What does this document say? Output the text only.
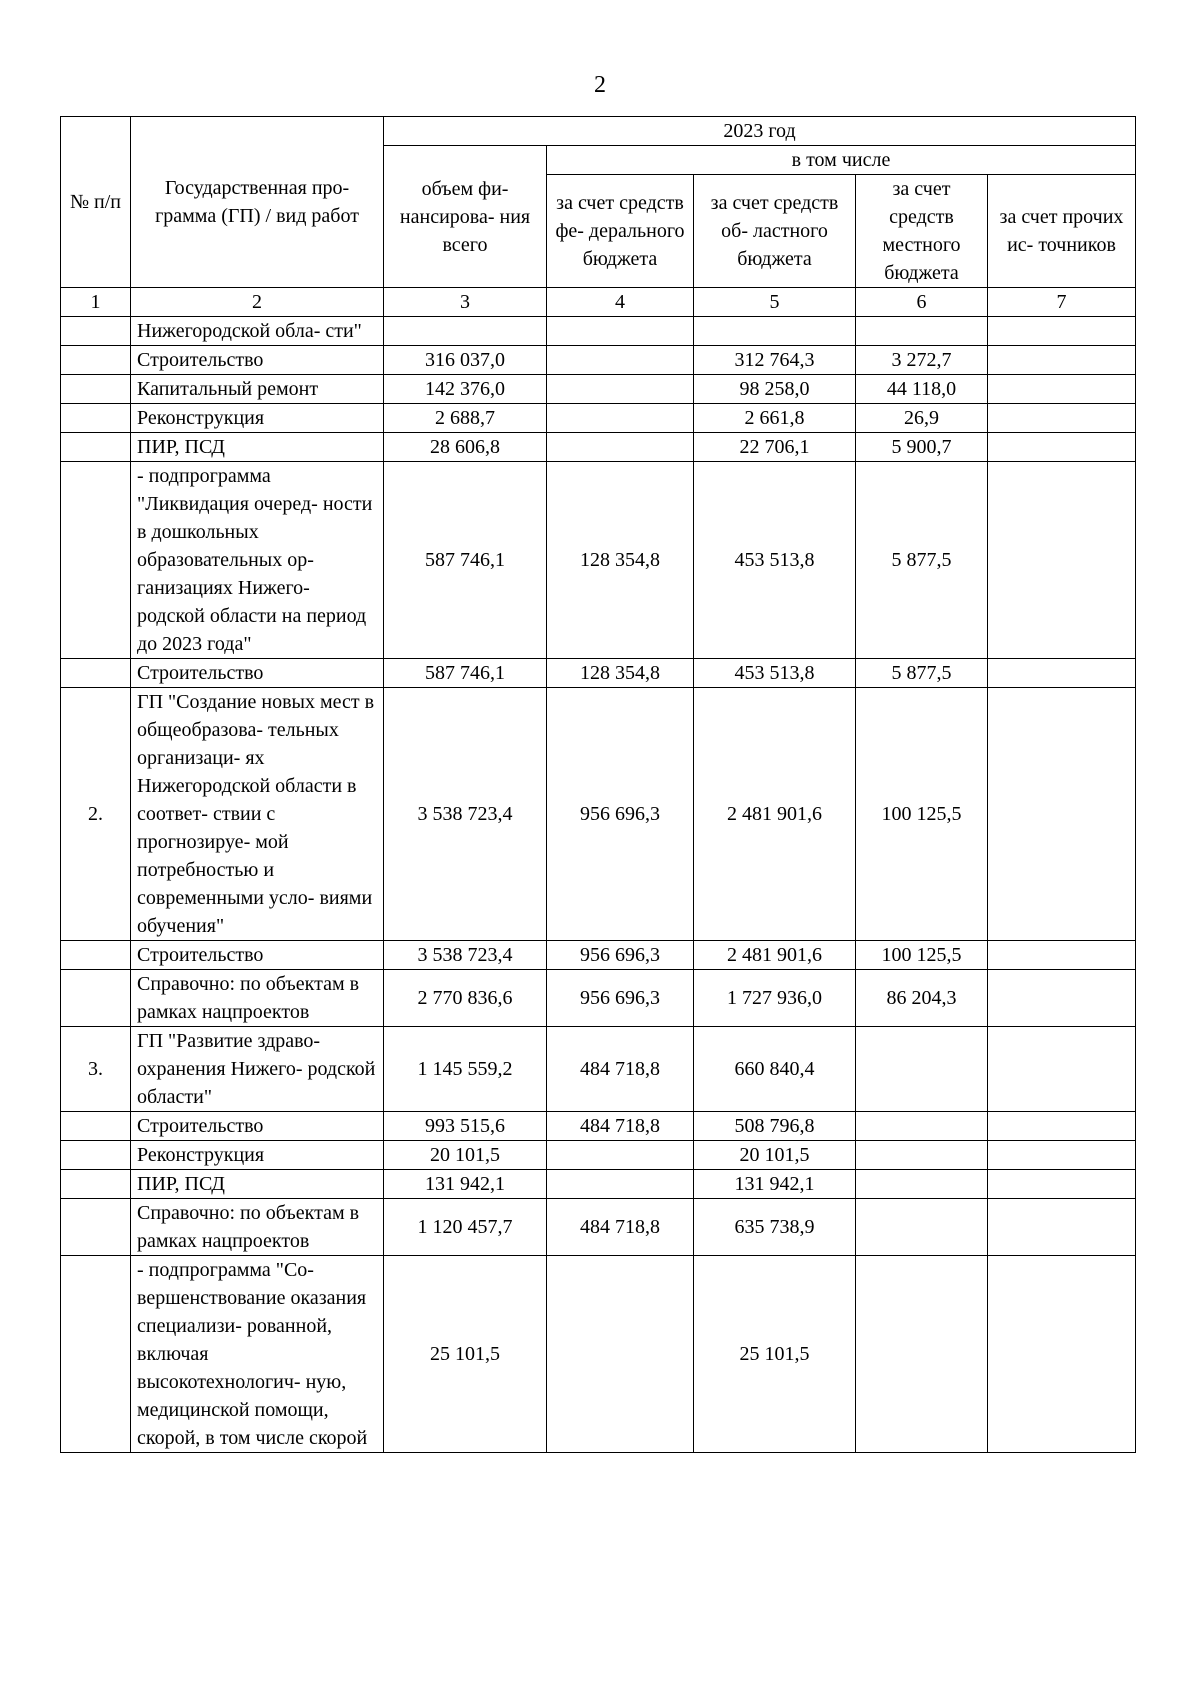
2
№ п/п	Государственная про- грамма (ГП) / вид работ	2023 год				
		объем фи- нансирова- ния всего	в том числе			
			за счет средств фе- дерального бюджета	за счет средств об- ластного бюджета	за счет средств местного бюджета	за счет прочих ис- точников
1	2	3	4	5	6	7
	Нижегородской обла- сти"					
	Строительство	316 037,0		312 764,3	3 272,7	
	Капитальный ремонт	142 376,0		98 258,0	44 118,0	
	Реконструкция	2 688,7		2 661,8	26,9	
	ПИР, ПСД	28 606,8		22 706,1	5 900,7	
	- подпрограмма "Ликвидация очеред- ности в дошкольных образовательных ор- ганизациях Нижего- родской области на период до 2023 года"	587 746,1	128 354,8	453 513,8	5 877,5	
	Строительство	587 746,1	128 354,8	453 513,8	5 877,5	
2.	ГП "Создание новых мест в общеобразова- тельных организаци- ях Нижегородской области в соответ- ствии с прогнозируе- мой потребностью и современными усло- виями обучения"	3 538 723,4	956 696,3	2 481 901,6	100 125,5	
	Строительство	3 538 723,4	956 696,3	2 481 901,6	100 125,5	
	Справочно: по объектам в рамках нацпроектов	2 770 836,6	956 696,3	1 727 936,0	86 204,3	
3.	ГП "Развитие здраво- охранения Нижего- родской области"	1 145 559,2	484 718,8	660 840,4		
	Строительство	993 515,6	484 718,8	508 796,8		
	Реконструкция	20 101,5		20 101,5		
	ПИР, ПСД	131 942,1		131 942,1		
	Справочно: по объектам в рамках нацпроектов	1 120 457,7	484 718,8	635 738,9		
	- подпрограмма "Со- вершенствование оказания специализи- рованной, включая высокотехнологич- ную, медицинской помощи, скорой, в том числе скорой	25 101,5		25 101,5		
